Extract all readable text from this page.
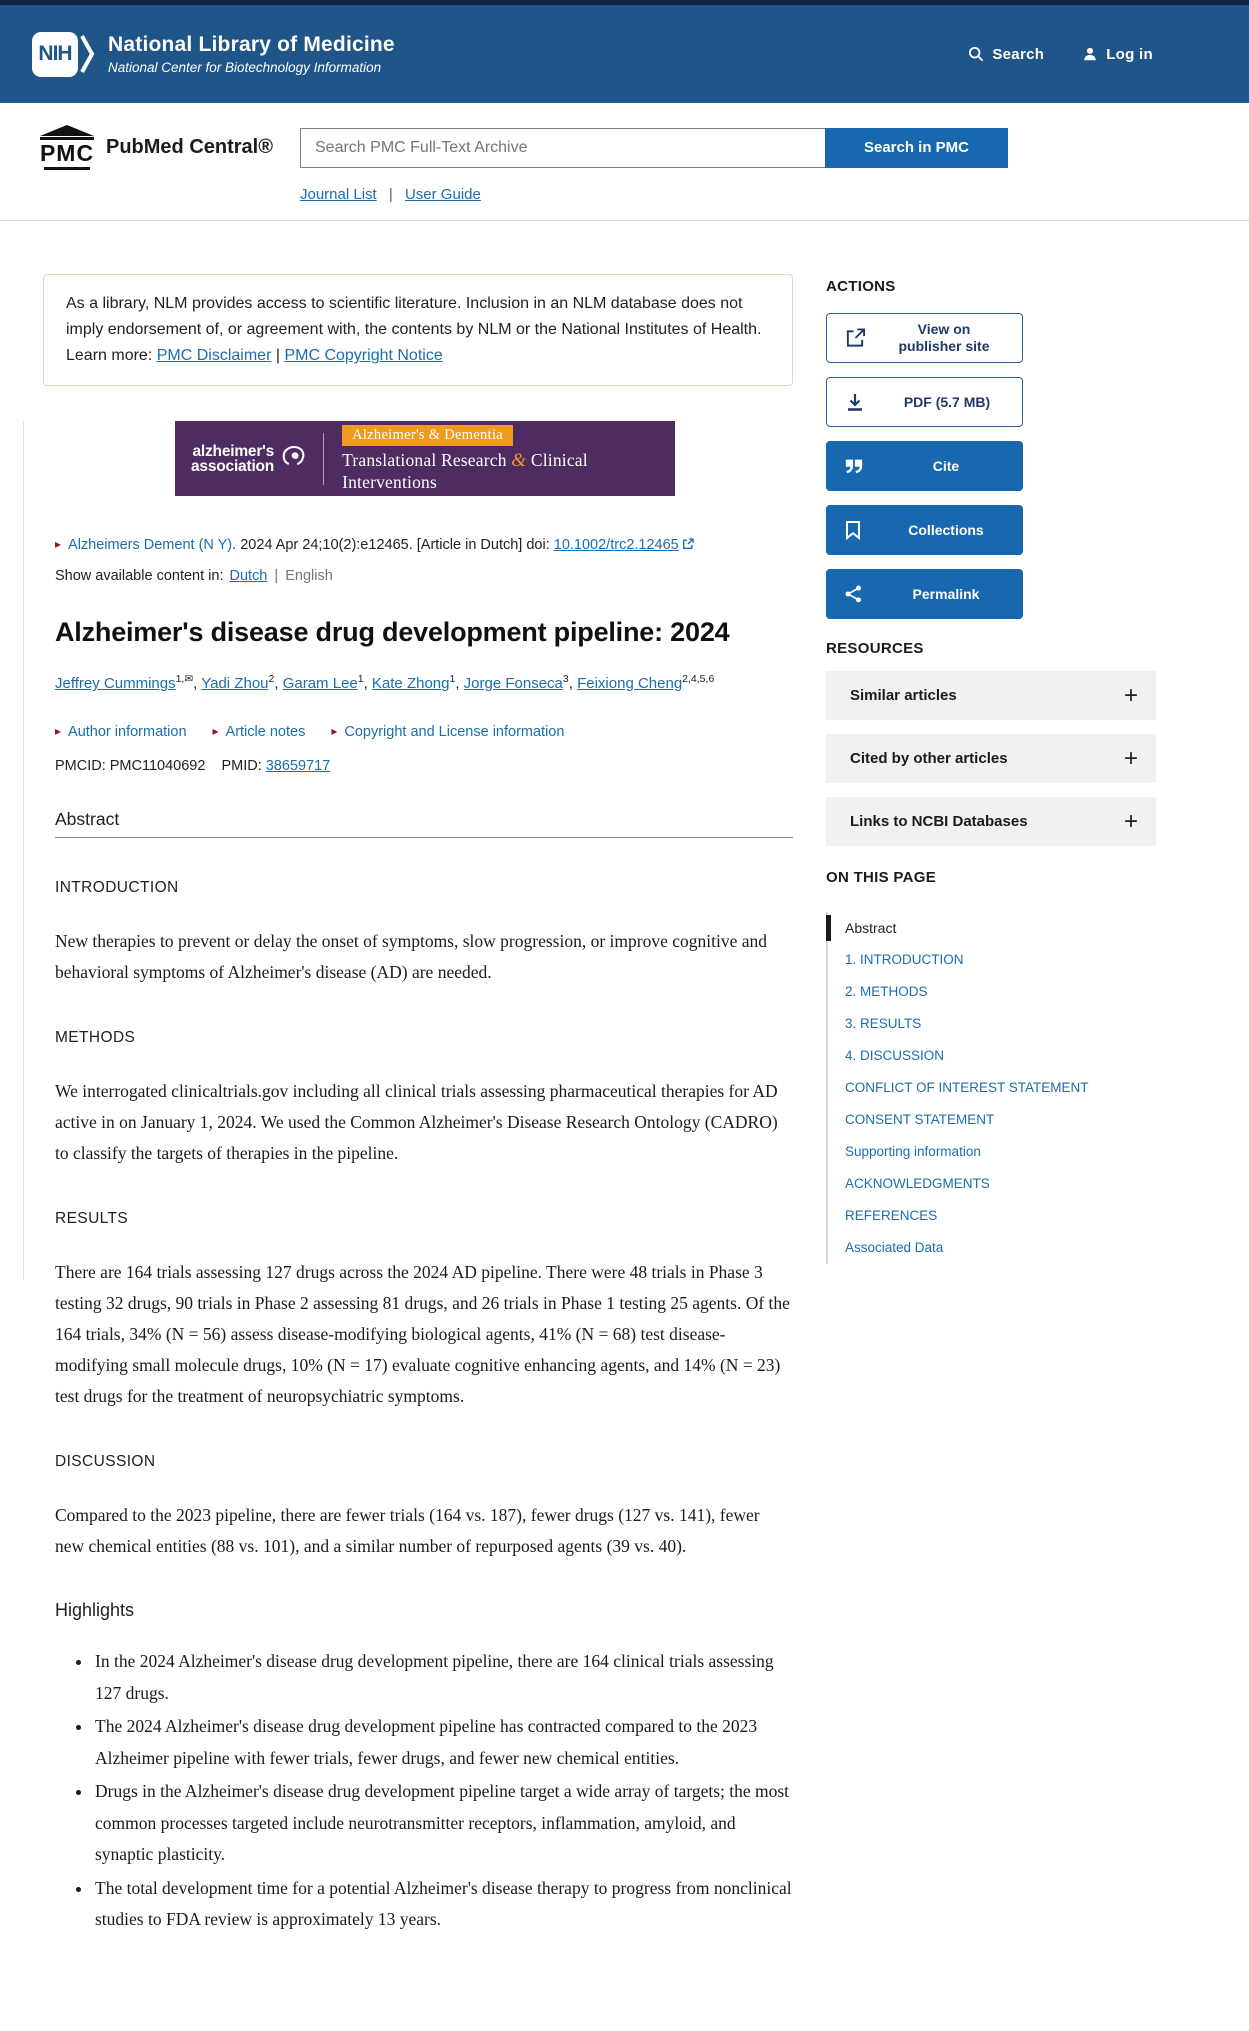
NIH	National Library of Medicine
National Center for Biotechnology Information
Search	Log in
PMC PubMed Central®
Search PMC Full-Text Archive	Search in PMC
Journal List | User Guide
As a library, NLM provides access to scientific literature. Inclusion in an NLM database does not imply endorsement of, or agreement with, the contents by NLM or the National Institutes of Health. Learn more: PMC Disclaimer | PMC Copyright Notice
alzheimer's
association
Alzheimer's & Dementia
Translational Research & Clinical Interventions
▸ Alzheimers Dement (N Y). 2024 Apr 24;10(2):e12465. [Article in Dutch] doi: 10.1002/trc2.12465
Show available content in: Dutch | English
Alzheimer's disease drug development pipeline: 2024
Jeffrey Cummings$^{1,✉}$, Yadi Zhou$^2$, Garam Lee$^1$, Kate Zhong$^1$, Jorge Fonseca$^3$, Feixiong Cheng$^{2,4,5,6}$
▸ Author information ▸	Article notes ▸	Copyright and License information
PMCID: PMC11040692 PMID: 38659717
Abstract
INTRODUCTION

New therapies to prevent or delay the onset of symptoms, slow progression, or improve cognitive and behavioral symptoms of Alzheimer's disease (AD) are needed.

METHODS

We interrogated clinicaltrials.gov including all clinical trials assessing pharmaceutical therapies for AD active in on January 1, 2024. We used the Common Alzheimer's Disease Research Ontology (CADRO) to classify the targets of therapies in the pipeline.

RESULTS

There are 164 trials assessing 127 drugs across the 2024 AD pipeline. There were 48 trials in Phase 3 testing 32 drugs, 90 trials in Phase 2 assessing 81 drugs, and 26 trials in Phase 1 testing 25 agents. Of the 164 trials, 34% (N = 56) assess disease-modifying biological agents, 41% (N = 68) test disease-modifying small molecule drugs, 10% (N = 17) evaluate cognitive enhancing agents, and 14% (N = 23) test drugs for the treatment of neuropsychiatric symptoms.

DISCUSSION

Compared to the 2023 pipeline, there are fewer trials (164 vs. 187), fewer drugs (127 vs. 141), fewer new chemical entities (88 vs. 101), and a similar number of repurposed agents (39 vs. 40).

Highlights
• In the 2024 Alzheimer's disease drug development pipeline, there are 164 clinical trials assessing 127 drugs.
• The 2024 Alzheimer's disease drug development pipeline has contracted compared to the 2023 Alzheimer pipeline with fewer trials, fewer drugs, and fewer new chemical entities.
• Drugs in the Alzheimer's disease drug development pipeline target a wide array of targets; the most common processes targeted include neurotransmitter receptors, inflammation, amyloid, and synaptic plasticity.
• The total development time for a potential Alzheimer's disease therapy to progress from nonclinical studies to FDA review is approximately 13 years.
ACTIONS
View on publisher site
PDF (5.7 MB)
Cite
Collections
Permalink
RESOURCES
Similar articles	+
Cited by other articles	+
Links to NCBI Databases	+
ON THIS PAGE
Abstract
1. INTRODUCTION
2. METHODS
3. RESULTS
4. DISCUSSION
CONFLICT OF INTEREST STATEMENT
CONSENT STATEMENT
Supporting information
ACKNOWLEDGMENTS
REFERENCES
Associated Data
